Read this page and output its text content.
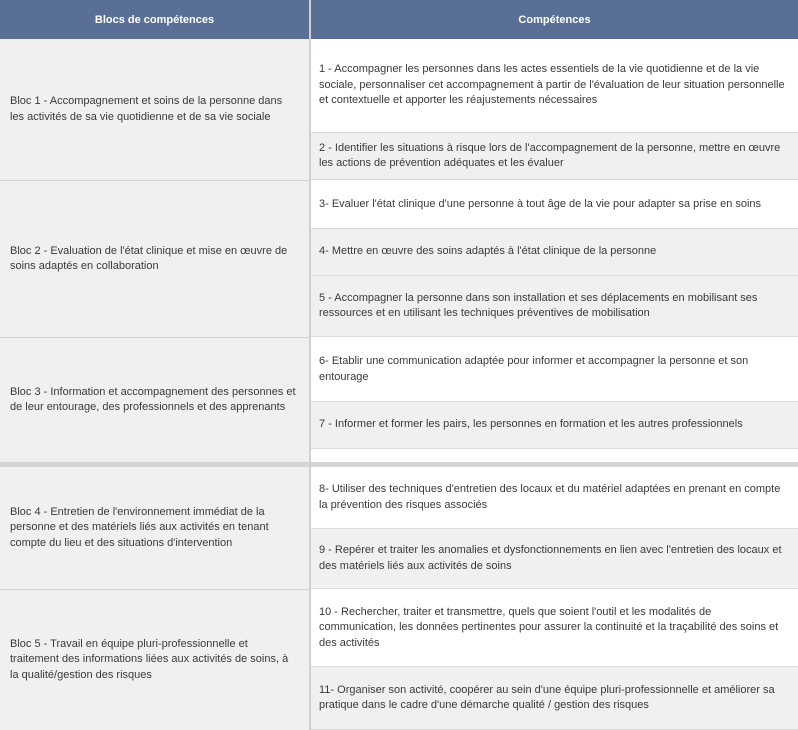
Blocs de compétences	Compétences
Bloc 1 - Accompagnement et soins de la personne dans les activités de sa vie quotidienne et de sa vie sociale
Bloc 2 - Evaluation de l'état clinique et mise en œuvre de soins adaptés en collaboration
Bloc 3 - Information et accompagnement des personnes et de leur entourage, des professionnels et des apprenants
Bloc 4 - Entretien de l'environnement immédiat de la personne et des matériels liés aux activités en tenant compte du lieu et des situations d'intervention
Bloc 5 - Travail en équipe pluri-professionnelle et traitement des informations liées aux activités de soins, à la qualité/gestion des risques
1 - Accompagner les personnes dans les actes essentiels de la vie quotidienne et de la vie sociale, personnaliser cet accompagnement à partir de l'évaluation de leur situation personnelle et contextuelle et apporter les réajustements nécessaires
2 - Identifier les situations à risque lors de l'accompagnement de la personne, mettre en œuvre les actions de prévention adéquates et les évaluer
3- Evaluer l'état clinique d'une personne à tout âge de la vie pour adapter sa prise en soins
4- Mettre en œuvre des soins adaptés à l'état clinique de la personne
5 - Accompagner la personne dans son installation et ses déplacements en mobilisant ses ressources et en utilisant les techniques préventives de mobilisation
6- Etablir une communication adaptée pour informer et accompagner la personne et son entourage
7 - Informer et former les pairs, les personnes en formation et les autres professionnels
8- Utiliser des techniques d'entretien des locaux et du matériel adaptées en prenant en compte la prévention des risques associés
9 - Repérer et traiter les anomalies et dysfonctionnements en lien avec l'entretien des locaux et des matériels liés aux activités de soins
10 - Rechercher, traiter et transmettre, quels que soient l'outil et les modalités de communication, les données pertinentes pour assurer la continuité et la traçabilité des soins et des activités
11- Organiser son activité, coopérer au sein d'une équipe pluri-professionnelle et améliorer sa pratique dans le cadre d'une démarche qualité / gestion des risques
